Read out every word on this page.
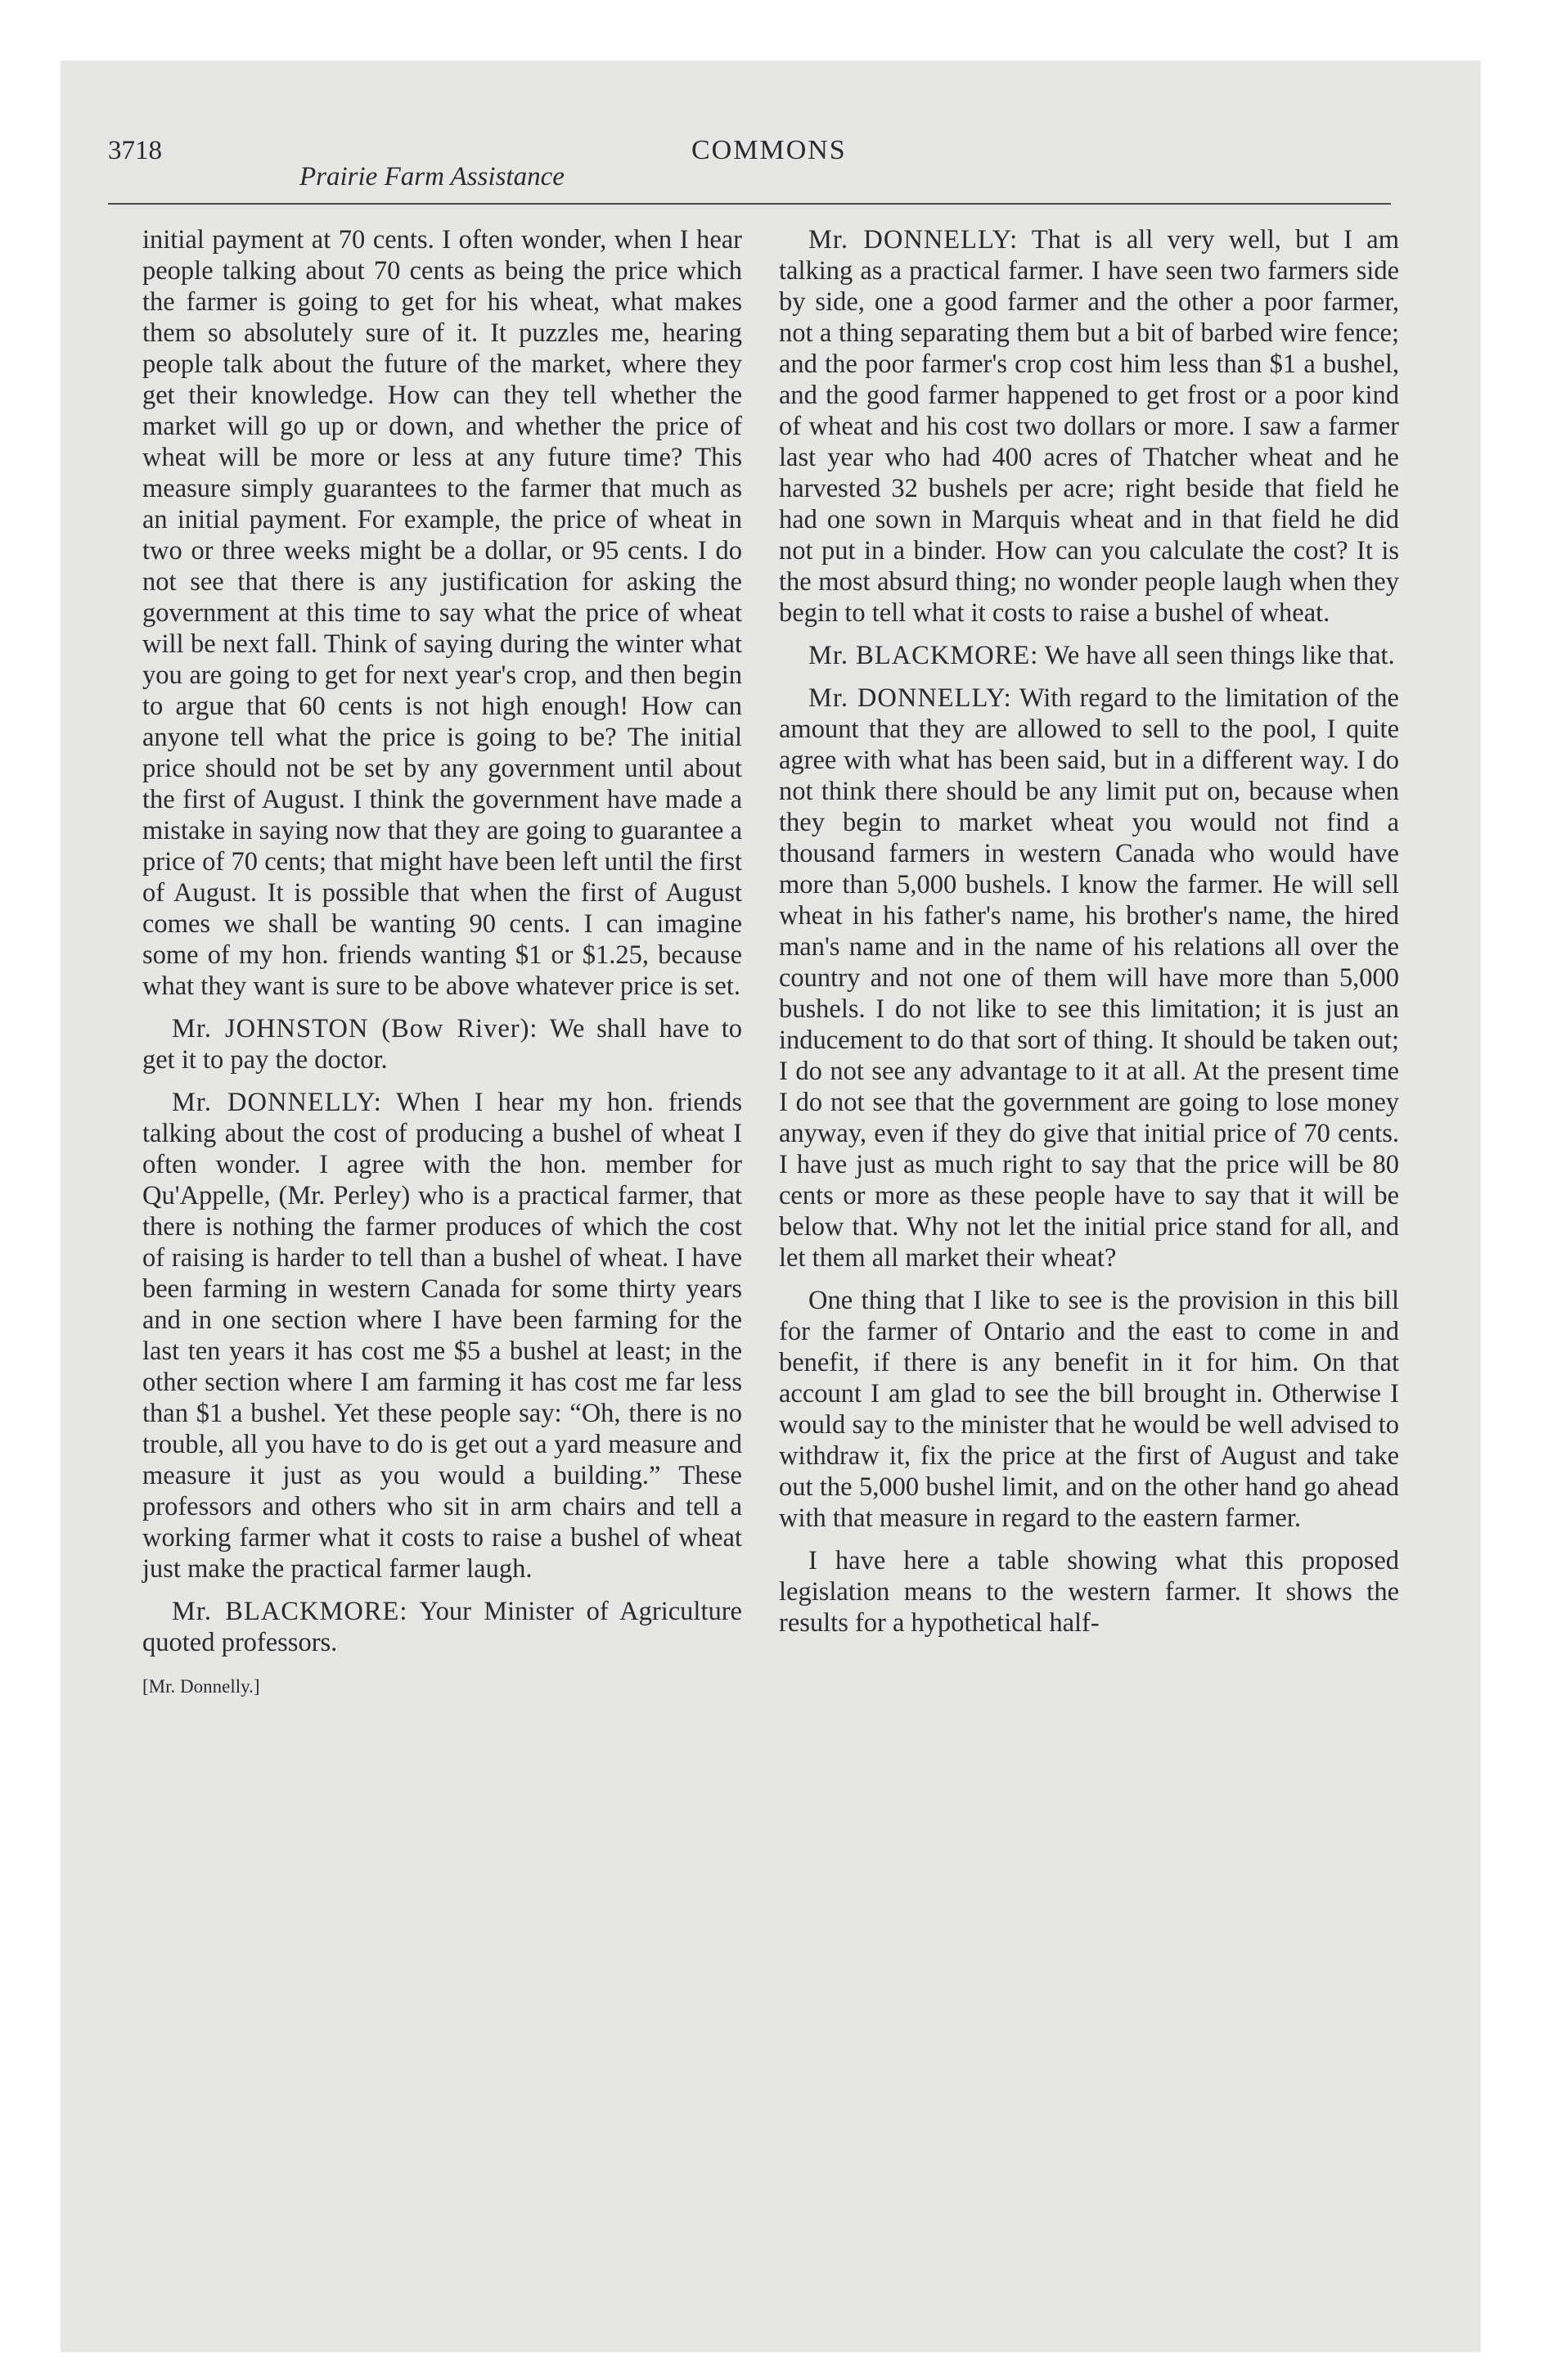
3718
Prairie Farm Assistance
COMMONS

initial payment at 70 cents. I often wonder, when I hear people talking about 70 cents as being the price which the farmer is going to get for his wheat, what makes them so absolutely sure of it. It puzzles me, hearing people talk about the future of the market, where they get their knowledge. How can they tell whether the market will go up or down, and whether the price of wheat will be more or less at any future time? This measure simply guarantees to the farmer that much as an initial payment. For example, the price of wheat in two or three weeks might be a dollar, or 95 cents. I do not see that there is any justification for asking the government at this time to say what the price of wheat will be next fall. Think of saying during the winter what you are going to get for next year's crop, and then begin to argue that 60 cents is not high enough! How can anyone tell what the price is going to be? The initial price should not be set by any government until about the first of August. I think the government have made a mistake in saying now that they are going to guarantee a price of 70 cents; that might have been left until the first of August. It is possible that when the first of August comes we shall be wanting 90 cents. I can imagine some of my hon. friends wanting $1 or $1.25, because what they want is sure to be above whatever price is set.

Mr. JOHNSTON (Bow River): We shall have to get it to pay the doctor.

Mr. DONNELLY: When I hear my hon. friends talking about the cost of producing a bushel of wheat I often wonder. I agree with the hon. member for Qu'Appelle, (Mr. Perley) who is a practical farmer, that there is nothing the farmer produces of which the cost of raising is harder to tell than a bushel of wheat. I have been farming in western Canada for some thirty years and in one section where I have been farming for the last ten years it has cost me $5 a bushel at least; in the other section where I am farming it has cost me far less than $1 a bushel. Yet these people say: “Oh, there is no trouble, all you have to do is get out a yard measure and measure it just as you would a building.” These professors and others who sit in arm chairs and tell a working farmer what it costs to raise a bushel of wheat just make the practical farmer laugh.

Mr. BLACKMORE: Your Minister of Agriculture quoted professors.

[Mr. Donnelly.]

Mr. DONNELLY: That is all very well, but I am talking as a practical farmer. I have seen two farmers side by side, one a good farmer and the other a poor farmer, not a thing separating them but a bit of barbed wire fence; and the poor farmer's crop cost him less than $1 a bushel, and the good farmer happened to get frost or a poor kind of wheat and his cost two dollars or more. I saw a farmer last year who had 400 acres of Thatcher wheat and he harvested 32 bushels per acre; right beside that field he had one sown in Marquis wheat and in that field he did not put in a binder. How can you calculate the cost? It is the most absurd thing; no wonder people laugh when they begin to tell what it costs to raise a bushel of wheat.

Mr. BLACKMORE: We have all seen things like that.

Mr. DONNELLY: With regard to the limitation of the amount that they are allowed to sell to the pool, I quite agree with what has been said, but in a different way. I do not think there should be any limit put on, because when they begin to market wheat you would not find a thousand farmers in western Canada who would have more than 5,000 bushels. I know the farmer. He will sell wheat in his father's name, his brother's name, the hired man's name and in the name of his relations all over the country and not one of them will have more than 5,000 bushels. I do not like to see this limitation; it is just an inducement to do that sort of thing. It should be taken out; I do not see any advantage to it at all. At the present time I do not see that the government are going to lose money anyway, even if they do give that initial price of 70 cents. I have just as much right to say that the price will be 80 cents or more as these people have to say that it will be below that. Why not let the initial price stand for all, and let them all market their wheat?

One thing that I like to see is the provision in this bill for the farmer of Ontario and the east to come in and benefit, if there is any benefit in it for him. On that account I am glad to see the bill brought in. Otherwise I would say to the minister that he would be well advised to withdraw it, fix the price at the first of August and take out the 5,000 bushel limit, and on the other hand go ahead with that measure in regard to the eastern farmer.

I have here a table showing what this proposed legislation means to the western farmer. It shows the results for a hypothetical half-
